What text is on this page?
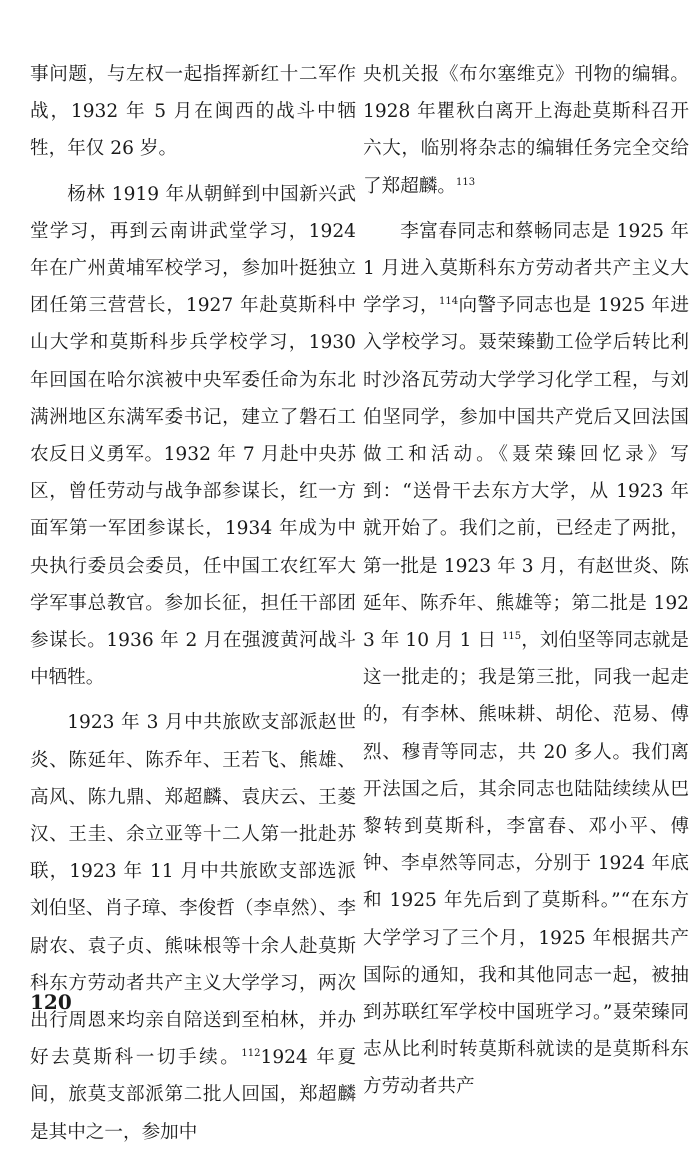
事问题，与左权一起指挥新红十二军作战，1932 年 5 月在闽西的战斗中牺牲，年仅 26 岁。

杨林 1919 年从朝鲜到中国新兴武堂学习，再到云南讲武堂学习，1924 年在广州黄埔军校学习，参加叶挺独立团任第三营营长，1927 年赴莫斯科中山大学和莫斯科步兵学校学习，1930 年回国在哈尔滨被中央军委任命为东北满洲地区东满军委书记，建立了磐石工农反日义勇军。1932 年 7 月赴中央苏区，曾任劳动与战争部参谋长，红一方面军第一军团参谋长，1934 年成为中央执行委员会委员，任中国工农红军大学军事总教官。参加长征，担任干部团参谋长。1936 年 2 月在强渡黄河战斗中牺牲。

1923 年 3 月中共旅欧支部派赵世炎、陈延年、陈乔年、王若飞、熊雄、高风、陈九鼎、郑超麟、袁庆云、王菱汉、王圭、余立亚等十二人第一批赴苏联，1923 年 11 月中共旅欧支部选派刘伯坚、肖子璋、李俊哲（李卓然）、李尉农、袁子贞、熊味根等十余人赴莫斯科东方劳动者共产主义大学学习，两次出行周恩来均亲自陪送到至柏林，并办好去莫斯科一切手续。$^{112}$1924 年夏间，旅莫支部派第二批人回国，郑超麟是其中之一，参加中

央机关报《布尔塞维克》刊物的编辑。1928 年瞿秋白离开上海赴莫斯科召开六大，临别将杂志的编辑任务完全交给了郑超麟。$^{113}$

李富春同志和蔡畅同志是 1925 年 1 月进入莫斯科东方劳动者共产主义大学学习，$^{114}$向警予同志也是 1925 年进入学校学习。聂荣臻勤工俭学后转比利时沙洛瓦劳动大学学习化学工程，与刘伯坚同学，参加中国共产党后又回法国做工和活动。《聂荣臻回忆录》写到：“送骨干去东方大学，从 1923 年就开始了。我们之前，已经走了两批，第一批是 1923 年 3 月，有赵世炎、陈延年、陈乔年、熊雄等；第二批是 1923 年 10 月 1 日 $^{115}$，刘伯坚等同志就是这一批走的；我是第三批，同我一起走的，有李林、熊味耕、胡伦、范易、傅烈、穆青等同志，共 20 多人。我们离开法国之后，其余同志也陆陆续续从巴黎转到莫斯科，李富春、邓小平、傅钟、李卓然等同志，分别于 1924 年底和 1925 年先后到了莫斯科。”“在东方大学学习了三个月，1925 年根据共产国际的通知，我和其他同志一起，被抽到苏联红军学校中国班学习。”聂荣臻同志从比利时转莫斯科就读的是莫斯科东方劳动者共产

120
